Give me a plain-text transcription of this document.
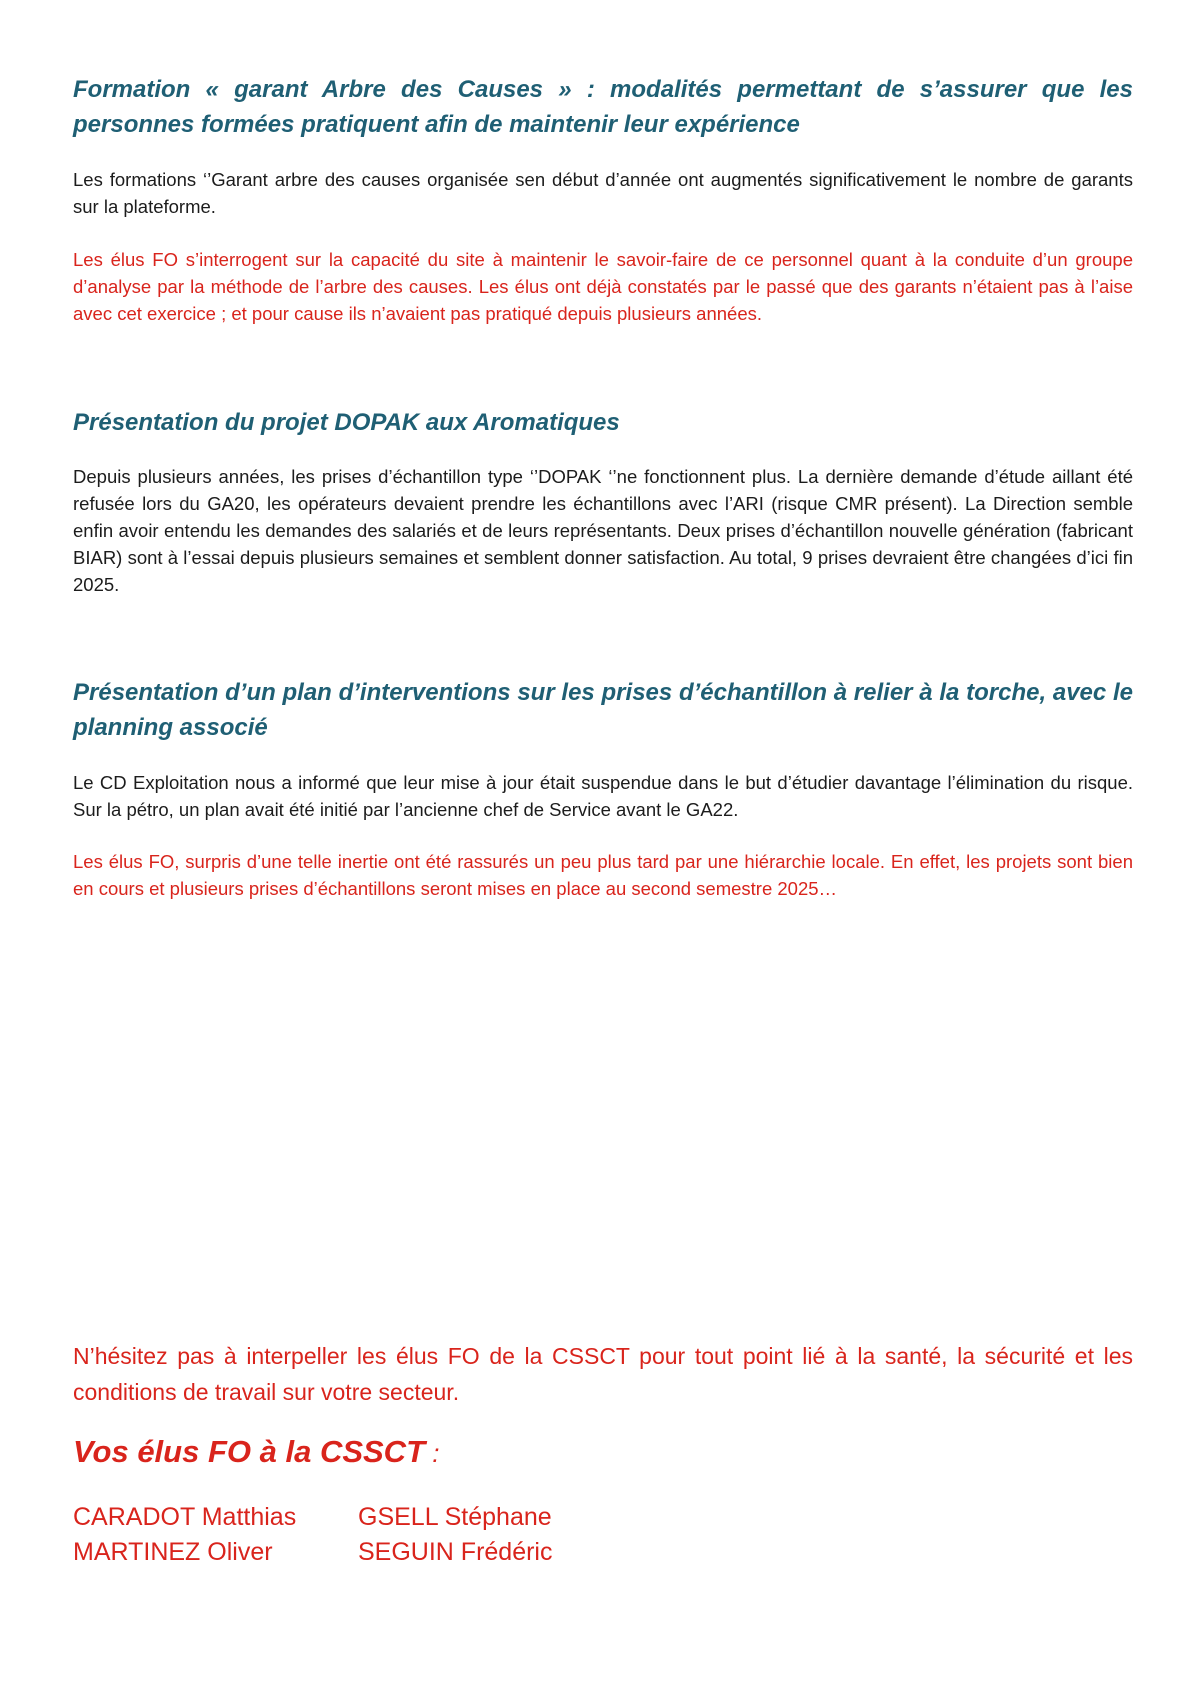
Formation « garant Arbre des Causes » : modalités permettant de s’assurer que les personnes formées pratiquent afin de maintenir leur expérience

Les formations ‘’Garant arbre des causes organisée sen début d’année ont augmentés significativement le nombre de garants sur la plateforme.

Les élus FO s’interrogent sur la capacité du site à maintenir le savoir-faire de ce personnel quant à la conduite d’un groupe d’analyse par la méthode de l’arbre des causes. Les élus ont déjà constatés par le passé que des garants n’étaient pas à l’aise avec cet exercice ; et pour cause ils n’avaient pas pratiqué depuis plusieurs années.

Présentation du projet DOPAK aux Aromatiques

Depuis plusieurs années, les prises d’échantillon type ‘’DOPAK ‘’ne fonctionnent plus. La dernière demande d’étude aillant été refusée lors du GA20, les opérateurs devaient prendre les échantillons avec l’ARI (risque CMR présent). La Direction semble enfin avoir entendu les demandes des salariés et de leurs représentants. Deux prises d’échantillon nouvelle génération (fabricant BIAR) sont à l’essai depuis plusieurs semaines et semblent donner satisfaction. Au total, 9 prises devraient être changées d’ici fin 2025.

Présentation d’un plan d’interventions sur les prises d’échantillon à relier à la torche, avec le planning associé

Le CD Exploitation nous a informé que leur mise à jour était suspendue dans le but d’étudier davantage l’élimination du risque. Sur la pétro, un plan avait été initié par l’ancienne chef de Service avant le GA22.

Les élus FO, surpris d’une telle inertie ont été rassurés un peu plus tard par une hiérarchie locale. En effet, les projets sont bien en cours et plusieurs prises d’échantillons seront mises en place au second semestre 2025…

N’hésitez pas à interpeller les élus FO de la CSSCT pour tout point lié à la santé, la sécurité et les conditions de travail sur votre secteur.

Vos élus FO à la CSSCT :

CARADOT Matthias	GSELL Stéphane

MARTINEZ Oliver	SEGUIN Frédéric
